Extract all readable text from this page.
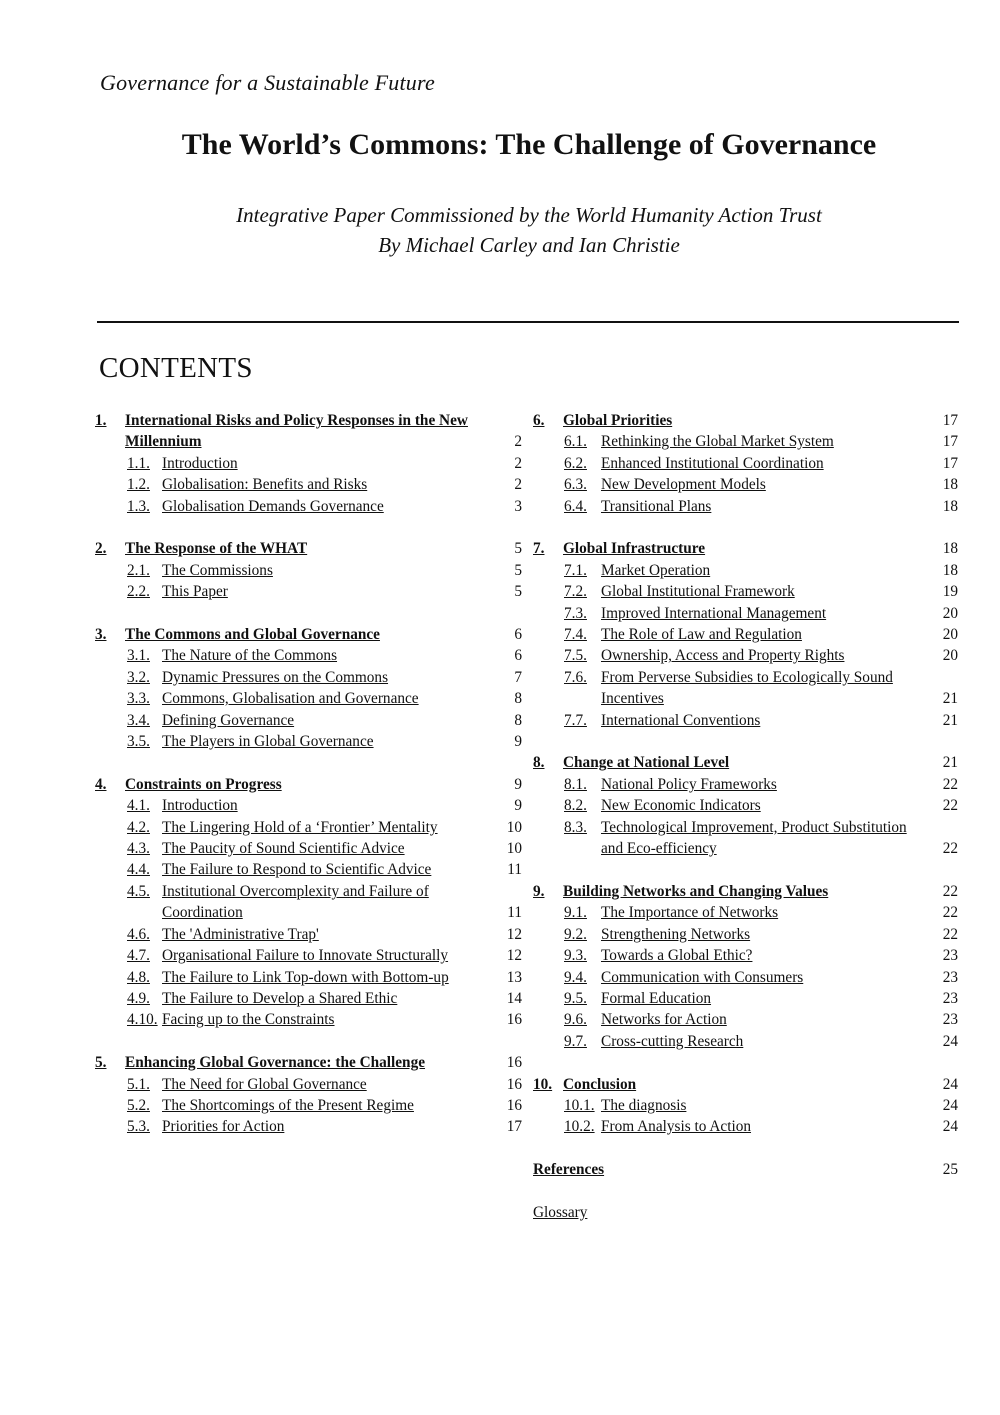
Governance for a Sustainable Future
The World’s Commons: The Challenge of Governance
Integrative Paper Commissioned by the World Humanity Action Trust
By Michael Carley and Ian Christie
CONTENTS
1.	International Risks and Policy Responses in the New Millennium	2
1.1. Introduction	2
1.2. Globalisation: Benefits and Risks	2
1.3. Globalisation Demands Governance	3
2.	The Response of the WHAT	5
2.1. The Commissions	5
2.2. This Paper	5
3.	The Commons and Global Governance	6
3.1. The Nature of the Commons	6
3.2. Dynamic Pressures on the Commons	7
3.3. Commons, Globalisation and Governance	8
3.4. Defining Governance	8
3.5. The Players in Global Governance	9
4.	Constraints on Progress	9
4.1. Introduction	9
4.2. The Lingering Hold of a ‘Frontier’ Mentality	10
4.3. The Paucity of Sound Scientific Advice	10
4.4. The Failure to Respond to Scientific Advice	11
4.5. Institutional Overcomplexity and Failure of Coordination	11
4.6. The 'Administrative Trap'	12
4.7. Organisational Failure to Innovate Structurally	12
4.8. The Failure to Link Top-down with Bottom-up	13
4.9. The Failure to Develop a Shared Ethic	14
4.10. Facing up to the Constraints	16
5.	Enhancing Global Governance: the Challenge	16
5.1. The Need for Global Governance	16
5.2. The Shortcomings of the Present Regime	16
5.3. Priorities for Action	17
6.	Global Priorities	17
6.1. Rethinking the Global Market System	17
6.2. Enhanced Institutional Coordination	17
6.3. New Development Models	18
6.4. Transitional Plans	18
7.	Global Infrastructure	18
7.1. Market Operation	18
7.2. Global Institutional Framework	19
7.3. Improved International Management	20
7.4. The Role of Law and Regulation	20
7.5. Ownership, Access and Property Rights	20
7.6. From Perverse Subsidies to Ecologically Sound Incentives	21
7.7. International Conventions	21
8.	Change at National Level	21
8.1. National Policy Frameworks	22
8.2. New Economic Indicators	22
8.3. Technological Improvement, Product Substitution and Eco-efficiency	22
9.	Building Networks and Changing Values	22
9.1. The Importance of Networks	22
9.2. Strengthening Networks	22
9.3. Towards a Global Ethic?	23
9.4. Communication with Consumers	23
9.5. Formal Education	23
9.6. Networks for Action	23
9.7. Cross-cutting Research	24
10. Conclusion	24
10.1. The diagnosis	24
10.2. From Analysis to Action	24
References	25
Glossary
